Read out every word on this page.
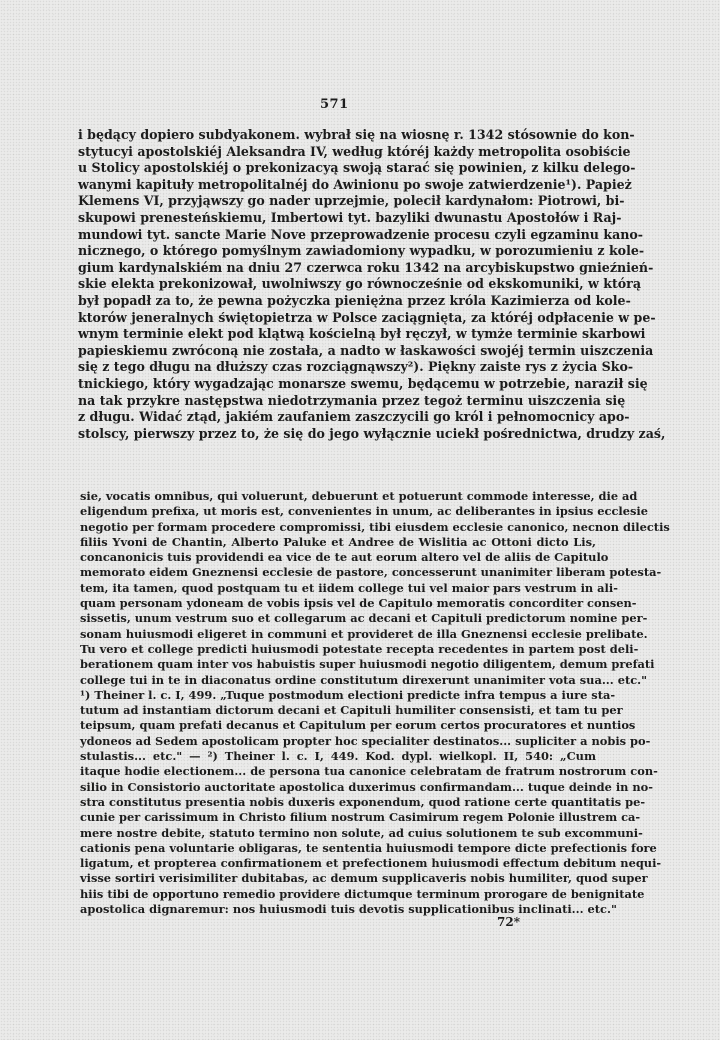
571
i będący dopiero subdyakonem. wybrał się na wiosnę r. 1342 stósownie do kon-
stytucyi apostolskiéj Aleksandra IV, według któréj każdy metropolita osobiście
u Stolicy apostolskiéj o prekonizacyą swoją starać się powinien, z kilku delego-
wanymi kapituły metropolitalnéj do Awinionu po swoje zatwierdzenie¹). Papież
Klemens VI, przyjąwszy go nader uprzejmie, polecił kardynałom: Piotrowi, bi-
skupowi prenesteńskiemu, Imbertowi tyt. bazyliki dwunastu Apostołów i Raj-
mundowi tyt. sancte Marie Nove przeprowadzenie procesu czyli egzaminu kano-
nicznego, o którego pomyślnym zawiadomiony wypadku, w porozumieniu z kole-
gium kardynalskiém na dniu 27 czerwca roku 1342 na arcybiskupstwo gnieźnień-
skie elekta prekonizował, uwolniwszy go równocześnie od ekskomuniki, w którą
był popadł za to, że pewna pożyczka pieniężna przez króla Kazimierza od kole-
ktorów jeneralnych świętopietrza w Polsce zaciągnięta, za któréj odpłacenie w pe-
wnym terminie elekt pod klątwą kościelną był ręczył, w tymże terminie skarbowi
papieskiemu zwróconą nie została, a nadto w łaskawości swojéj termin uiszczenia
się z tego długu na dłuższy czas rozciągnąwszy²). Piękny zaiste rys z życia Sko-
tnickiego, który wygadzając monarsze swemu, będącemu w potrzebie, naraził się
na tak przykre następstwa niedotrzymania przez tegoż terminu uiszczenia się
z długu. Widać ztąd, jakiém zaufaniem zaszczycili go król i pełnomocnicy apo-
stolscy, pierwszy przez to, że się do jego wyłącznie uciekł pośrednictwa, drudzy zaś,
sie, vocatis omnibus, qui voluerunt, debuerunt et potuerunt commode interesse, die ad
eligendum prefixa, ut moris est, convenientes in unum, ac deliberantes in ipsius ecclesie
negotio per formam procedere compromissi, tibi eiusdem ecclesie canonico, necnon dilectis
filiis Yvoni de Chantin, Alberto Paluke et Andree de Wislitia ac Ottoni dicto Lis,
concanonicis tuis providendi ea vice de te aut eorum altero vel de aliis de Capitulo
memorato eidem Gneznensi ecclesie de pastore, concesserunt unanimiter liberam potesta-
tem, ita tamen, quod postquam tu et iidem college tui vel maior pars vestrum in ali-
quam personam ydoneam de vobis ipsis vel de Capitulo memoratis concorditer consen-
sissetis, unum vestrum suo et collegarum ac decani et Capituli predictorum nomine per-
sonam huiusmodi eligeret in communi et provideret de illa Gneznensi ecclesie prelibate.
Tu vero et college predicti huiusmodi potestate recepta recedentes in partem post deli-
berationem quam inter vos habuistis super huiusmodi negotio diligentem, demum prefati
college tui in te in diaconatus ordine constitutum direxerunt unanimiter vota sua... etc."
¹) Theiner l. c. I, 499. „Tuque postmodum electioni predicte infra tempus a iure sta-
tutum ad instantiam dictorum decani et Capituli humiliter consensisti, et tam tu per
teipsum, quam prefati decanus et Capitulum per eorum certos procuratores et nuntios
ydoneos ad Sedem apostolicam propter hoc specialiter destinatos... supliciter a nobis po-
stulastis... etc." — ²) Theiner l. c. I, 449. Kod. dypl. wielkopl. II, 540: „Cum
itaque hodie electionem... de persona tua canonice celebratam de fratrum nostrorum con-
silio in Consistorio auctoritate apostolica duxerimus confirmandam... tuque deinde in no-
stra constitutus presentia nobis duxeris exponendum, quod ratione certe quantitatis pe-
cunie per carissimum in Christo filium nostrum Casimirum regem Polonie illustrem ca-
mere nostre debite, statuto termino non solute, ad cuius solutionem te sub excommuni-
cationis pena voluntarie obligaras, te sententia huiusmodi tempore dicte prefectionis fore
ligatum, et propterea confirmationem et prefectionem huiusmodi effectum debitum nequi-
visse sortiri verisimiliter dubitabas, ac demum supplicaveris nobis humiliter, quod super
hiis tibi de opportuno remedio providere dictumque terminum prorogare de benignitate
apostolica dignaremur: nos huiusmodi tuis devotis supplicationibus inclinati... etc."
72*
